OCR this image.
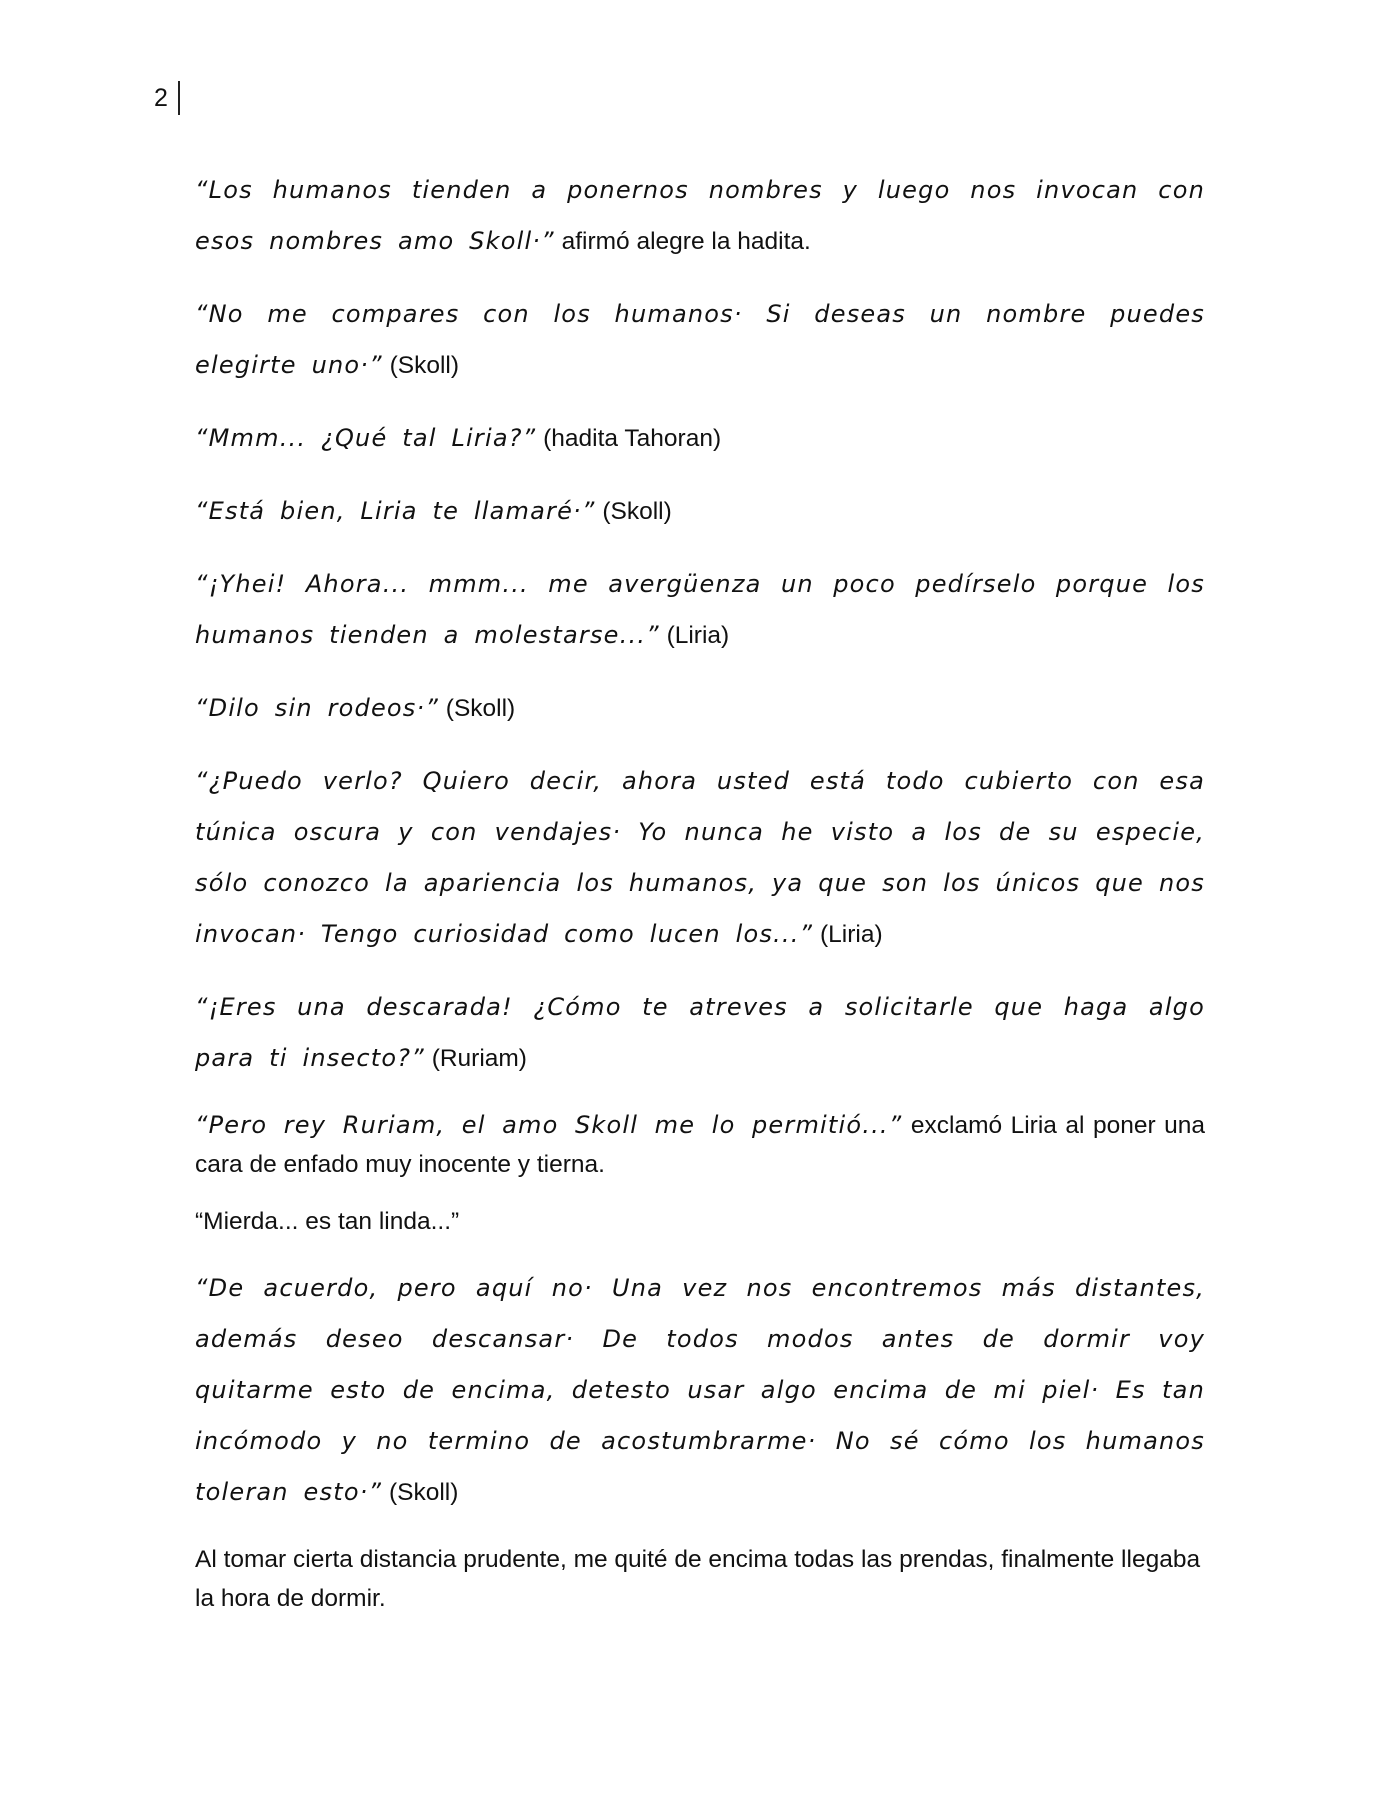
2

“Los humanos tienden a ponernos nombres y luego nos invocan con esos nombres amo Skoll·” afirmó alegre la hadita.

“No me compares con los humanos· Si deseas un nombre puedes elegirte uno·” (Skoll)

“Mmm... ¿Qué tal Liria?” (hadita Tahoran)

“Está bien, Liria te llamaré·” (Skoll)

“¡Yhei! Ahora... mmm... me avergüenza un poco pedírselo porque los humanos tienden a molestarse...” (Liria)

“Dilo sin rodeos·” (Skoll)

“¿Puedo verlo? Quiero decir, ahora usted está todo cubierto con esa túnica oscura y con vendajes· Yo nunca he visto a los de su especie, sólo conozco la apariencia los humanos, ya que son los únicos que nos invocan· Tengo curiosidad como lucen los...” (Liria)

“¡Eres una descarada! ¿Cómo te atreves a solicitarle que haga algo para ti insecto?” (Ruriam)

“Pero rey Ruriam, el amo Skoll me lo permitió...” exclamó Liria al poner una cara de enfado muy inocente y tierna.

“Mierda... es tan linda...”

“De acuerdo, pero aquí no· Una vez nos encontremos más distantes, además deseo descansar· De todos modos antes de dormir voy quitarme esto de encima, detesto usar algo encima de mi piel· Es tan incómodo y no termino de acostumbrarme· No sé cómo los humanos toleran esto·” (Skoll)

Al tomar cierta distancia prudente, me quité de encima todas las prendas, finalmente llegaba la hora de dormir.
